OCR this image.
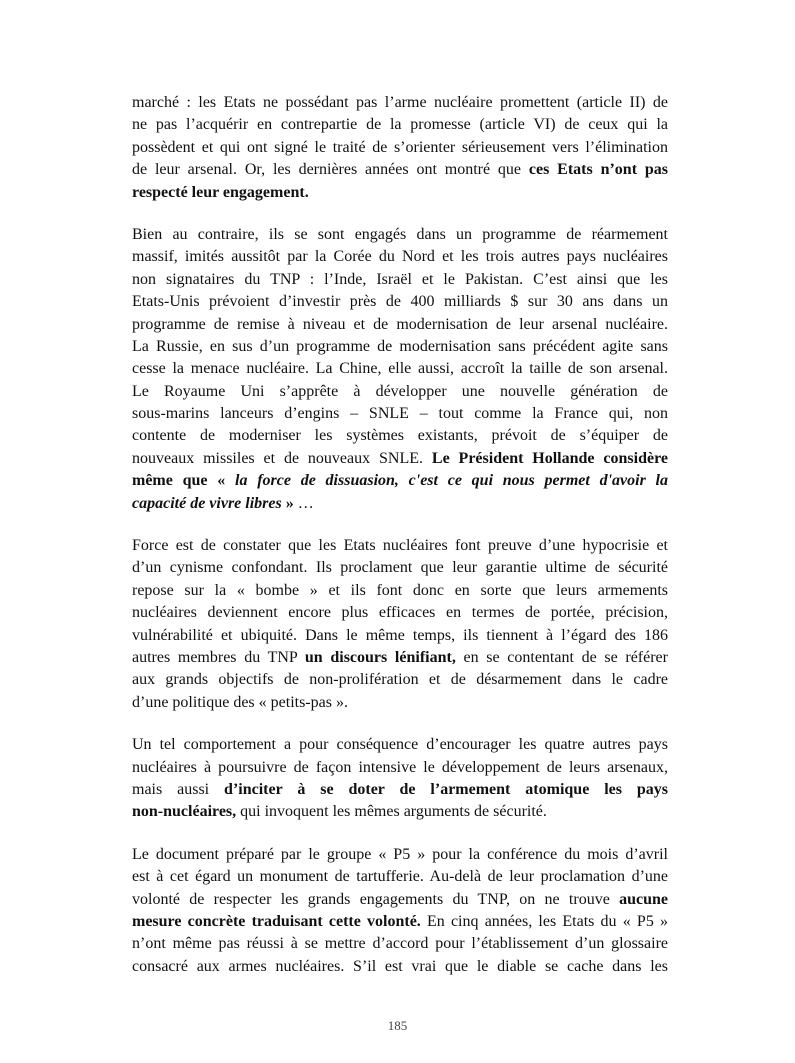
marché : les Etats ne possédant pas l’arme nucléaire promettent (article II) de
ne pas l’acquérir en contrepartie de la promesse (article VI) de ceux qui la
possèdent et qui ont signé le traité de s’orienter sérieusement vers l’élimination
de leur arsenal. Or, les dernières années ont montré que ces Etats n’ont pas
respecté leur engagement.
Bien au contraire, ils se sont engagés dans un programme de réarmement
massif, imités aussitôt par la Corée du Nord et les trois autres pays nucléaires
non signataires du TNP : l’Inde, Israël et le Pakistan. C’est ainsi que les
Etats-Unis prévoient d’investir près de 400 milliards $ sur 30 ans dans un
programme de remise à niveau et de modernisation de leur arsenal nucléaire.
La Russie, en sus d’un programme de modernisation sans précédent agite sans
cesse la menace nucléaire. La Chine, elle aussi, accroît la taille de son arsenal.
Le Royaume Uni s’apprête à développer une nouvelle génération de
sous-marins lanceurs d’engins – SNLE – tout comme la France qui, non
contente de moderniser les systèmes existants, prévoit de s’équiper de
nouveaux missiles et de nouveaux SNLE. Le Président Hollande considère
même que « la force de dissuasion, c'est ce qui nous permet d'avoir la
capacité de vivre libres » …
Force est de constater que les Etats nucléaires font preuve d’une hypocrisie et
d’un cynisme confondant. Ils proclament que leur garantie ultime de sécurité
repose sur la « bombe » et ils font donc en sorte que leurs armements
nucléaires deviennent encore plus efficaces en termes de portée, précision,
vulnérabilité et ubiquité. Dans le même temps, ils tiennent à l’égard des 186
autres membres du TNP un discours lénifiant, en se contentant de se référer
aux grands objectifs de non-prolifération et de désarmement dans le cadre
d’une politique des « petits-pas ».
Un tel comportement a pour conséquence d’encourager les quatre autres pays
nucléaires à poursuivre de façon intensive le développement de leurs arsenaux,
mais aussi d’inciter à se doter de l’armement atomique les pays
non-nucléaires, qui invoquent les mêmes arguments de sécurité.
Le document préparé par le groupe « P5 » pour la conférence du mois d’avril
est à cet égard un monument de tartufferie. Au-delà de leur proclamation d’une
volonté de respecter les grands engagements du TNP, on ne trouve aucune
mesure concrète traduisant cette volonté. En cinq années, les Etats du « P5 »
n’ont même pas réussi à se mettre d’accord pour l’établissement d’un glossaire
consacré aux armes nucléaires. S’il est vrai que le diable se cache dans les
185
